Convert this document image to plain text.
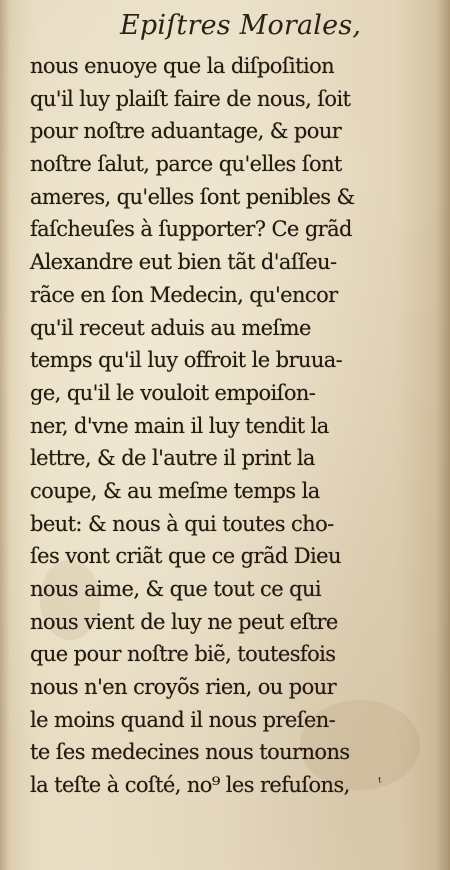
Epiſtres Morales,
nous enuoye que la diſpoſition
qu'il luy plaiſt faire de nous, ſoit
pour noſtre aduantage, & pour
noſtre ſalut, parce qu'elles ſont
ameres, qu'elles ſont penibles &
faſcheuſes à ſupporter? Ce grãd
Alexandre eut bien tãt d'aſſeu-
rãce en ſon Medecin, qu'encor
qu'il receut aduis au meſme
temps qu'il luy offroit le bruua-
ge, qu'il le vouloit empoiſon-
ner, d'vne main il luy tendit la
lettre, & de l'autre il print la
coupe, & au meſme temps la
beut: & nous à qui toutes cho-
ſes vont criãt que ce grãd Dieu
nous aime, & que tout ce qui
nous vient de luy ne peut eſtre
que pour noſtre biẽ, toutesfois
nous n'en croyõs rien, ou pour
le moins quand il nous preſen-
te ſes medecines nous tournons
la teſte à coſté, no⁹ les refuſons,	ᵗ
